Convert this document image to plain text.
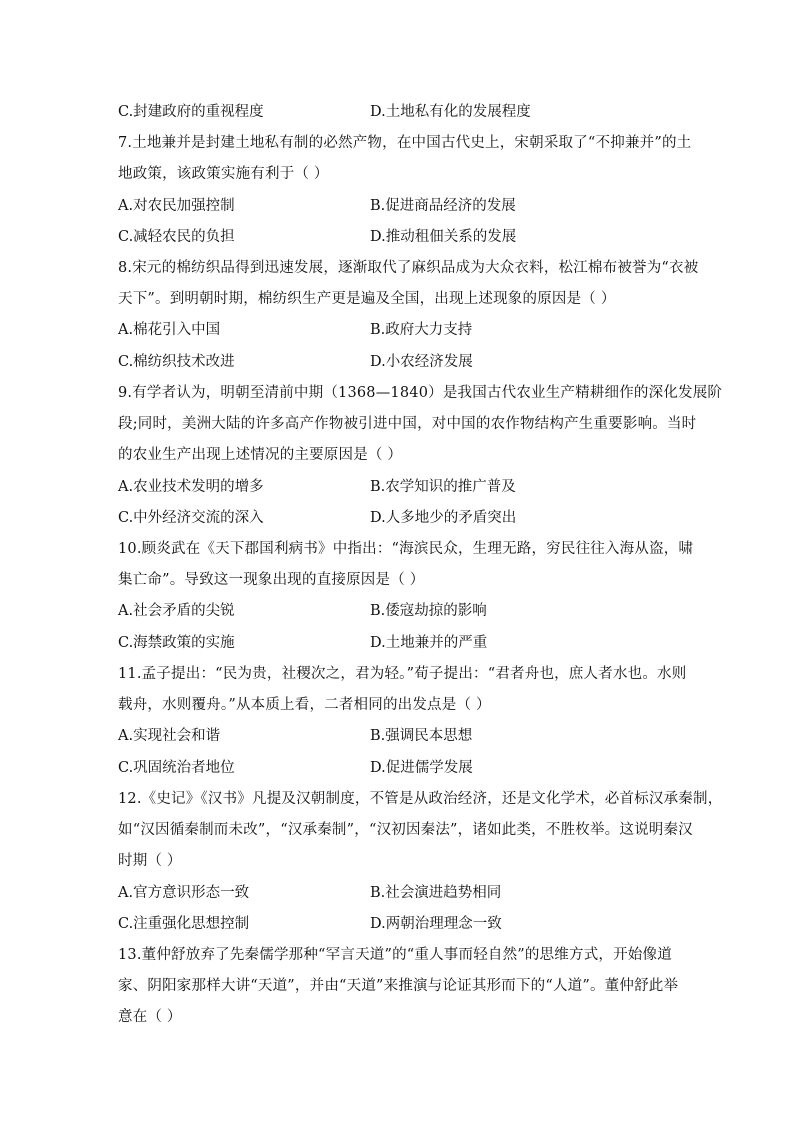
C.封建政府的重视程度	D.土地私有化的发展程度
7.土地兼并是封建土地私有制的必然产物，在中国古代史上，宋朝采取了“不抑兼并”的土
地政策，该政策实施有利于（ ）
A.对农民加强控制	B.促进商品经济的发展
C.减轻农民的负担	D.推动租佃关系的发展
8.宋元的棉纺织品得到迅速发展，逐渐取代了麻织品成为大众衣料，松江棉布被誉为“衣被
天下”。到明朝时期，棉纺织生产更是遍及全国，出现上述现象的原因是（ ）
A.棉花引入中国	B.政府大力支持
C.棉纺织技术改进	D.小农经济发展
9.有学者认为，明朝至清前中期（1368—1840）是我国古代农业生产精耕细作的深化发展阶
段;同时，美洲大陆的许多高产作物被引进中国，对中国的农作物结构产生重要影响。当时
的农业生产出现上述情况的主要原因是（ ）
A.农业技术发明的增多	B.农学知识的推广普及
C.中外经济交流的深入	D.人多地少的矛盾突出
10.顾炎武在《天下郡国利病书》中指出：“海滨民众，生理无路，穷民往往入海从盗，啸
集亡命”。导致这一现象出现的直接原因是（ ）
A.社会矛盾的尖锐	B.倭寇劫掠的影响
C.海禁政策的实施	D.土地兼并的严重
11.孟子提出：“民为贵，社稷次之，君为轻。”荀子提出：“君者舟也，庶人者水也。水则
载舟，水则覆舟。”从本质上看，二者相同的出发点是（ ）
A.实现社会和谐	B.强调民本思想
C.巩固统治者地位	D.促进儒学发展
12.《史记》《汉书》凡提及汉朝制度，不管是从政治经济，还是文化学术，必首标汉承秦制，
如“汉因循秦制而未改”，“汉承秦制”，“汉初因秦法”，诸如此类，不胜枚举。这说明秦汉
时期（ ）
A.官方意识形态一致	B.社会演进趋势相同
C.注重强化思想控制	D.两朝治理理念一致
13.董仲舒放弃了先秦儒学那种“罕言天道”的“重人事而轻自然”的思维方式，开始像道
家、阴阳家那样大讲“天道”，并由“天道”来推演与论证其形而下的“人道”。董仲舒此举
意在（ ）
